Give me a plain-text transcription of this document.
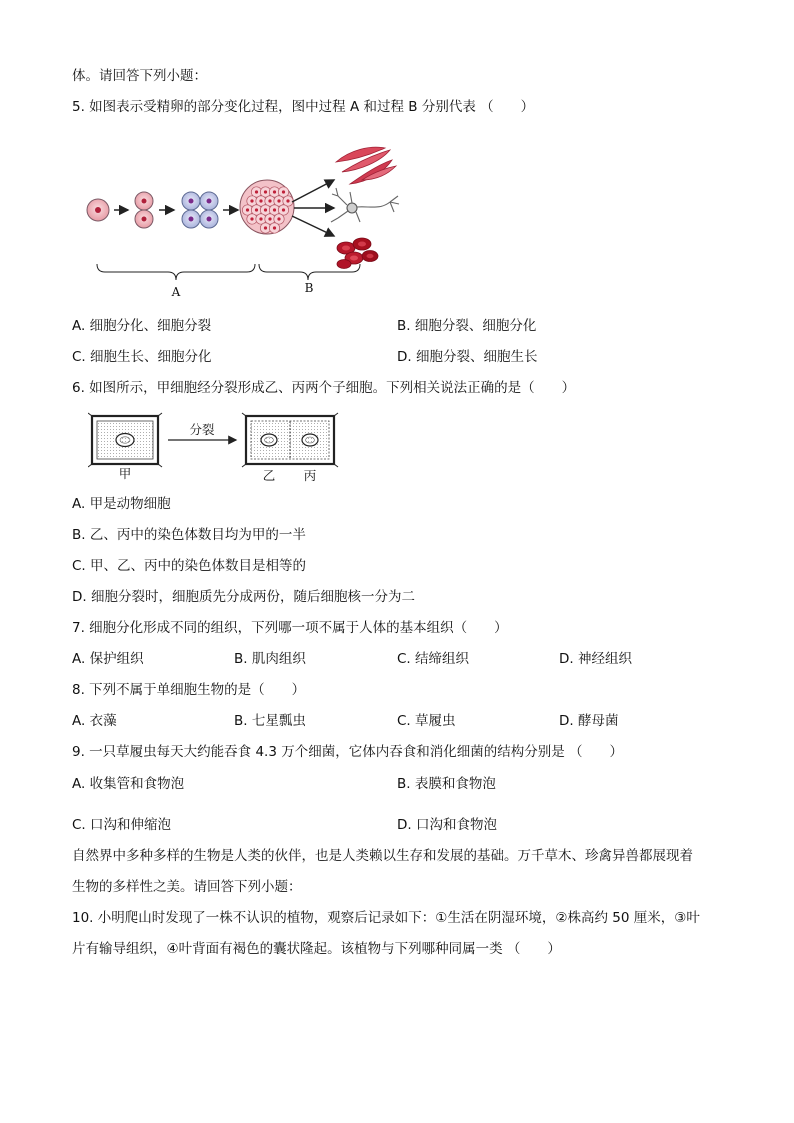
体。请回答下列小题：
5. 如图表示受精卵的部分变化过程，图中过程 A 和过程 B 分别代表 （　　）
A	B
A. 细胞分化、细胞分裂	B. 细胞分裂、细胞分化
C. 细胞生长、细胞分化	D. 细胞分裂、细胞生长
6. 如图所示，甲细胞经分裂形成乙、丙两个子细胞。下列相关说法正确的是（　　）
甲
分裂
乙 丙
A. 甲是动物细胞
B. 乙、丙中的染色体数目均为甲的一半
C. 甲、乙、丙中的染色体数目是相等的
D. 细胞分裂时，细胞质先分成两份，随后细胞核一分为二
7. 细胞分化形成不同的组织，下列哪一项不属于人体的基本组织（　　）
A. 保护组织	B. 肌肉组织	C. 结缔组织	D. 神经组织
8. 下列不属于单细胞生物的是（　　）
A. 衣藻	B. 七星瓢虫	C. 草履虫	D. 酵母菌
9. 一只草履虫每天大约能吞食 4.3 万个细菌，它体内吞食和消化细菌的结构分别是 （　　）
A. 收集管和食物泡	B. 表膜和食物泡
C. 口沟和伸缩泡	D. 口沟和食物泡
自然界中多种多样的生物是人类的伙伴，也是人类赖以生存和发展的基础。万千草木、珍禽异兽都展现着
生物的多样性之美。请回答下列小题：
10. 小明爬山时发现了一株不认识的植物，观察后记录如下：①生活在阴湿环境，②株高约 50 厘米，③叶
片有输导组织，④叶背面有褐色的囊状隆起。该植物与下列哪种同属一类 （　　）
